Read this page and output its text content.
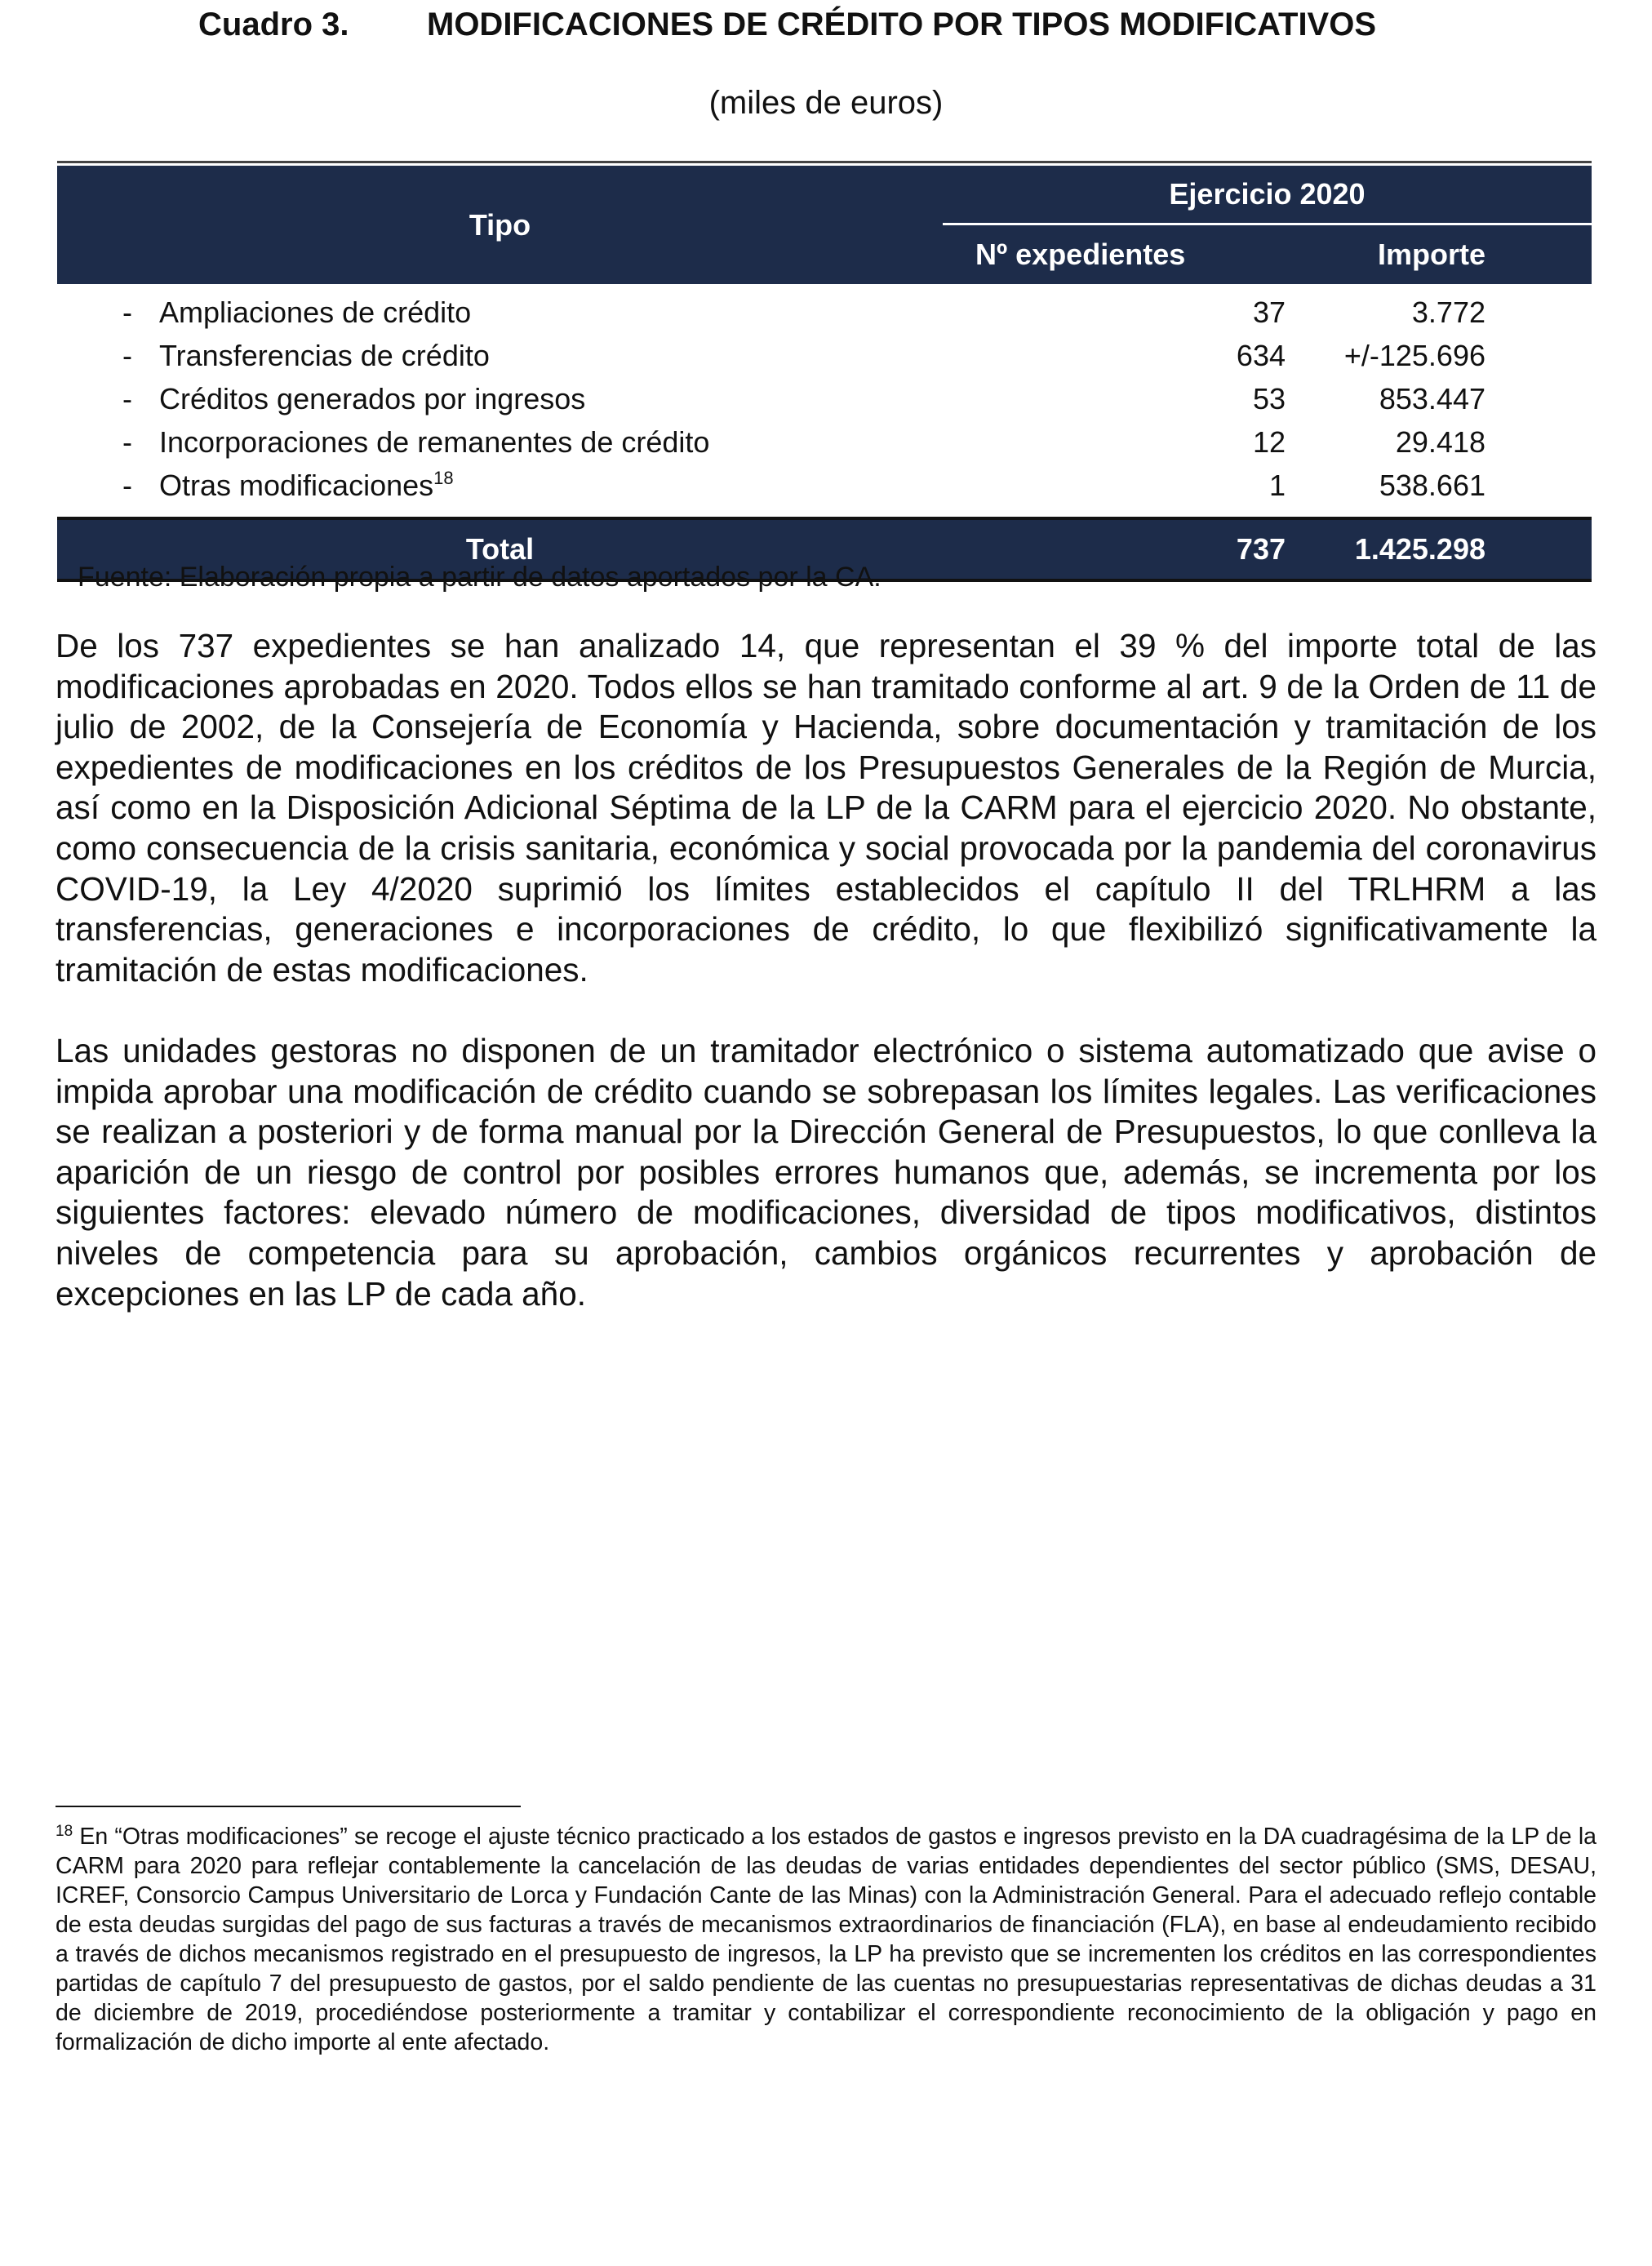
Cuadro 3. MODIFICACIONES DE CRÉDITO POR TIPOS MODIFICATIVOS
(miles de euros)
Tipo	Ejercicio 2020	
	Nº expedientes	Importe

- Ampliaciones de crédito	37	3.772
- Transferencias de crédito	634	+/-125.696
- Créditos generados por ingresos	53	853.447
- Incorporaciones de remanentes de crédito	12	29.418
- Otras modificaciones$^{18}$	1	538.661

Total	737	1.425.298
Fuente: Elaboración propia a partir de datos aportados por la CA.
De los 737 expedientes se han analizado 14, que representan el 39 % del importe total de las modificaciones aprobadas en 2020. Todos ellos se han tramitado conforme al art. 9 de la Orden de 11 de julio de 2002, de la Consejería de Economía y Hacienda, sobre documentación y tramitación de los expedientes de modificaciones en los créditos de los Presupuestos Generales de la Región de Murcia, así como en la Disposición Adicional Séptima de la LP de la CARM para el ejercicio 2020. No obstante, como consecuencia de la crisis sanitaria, económica y social provocada por la pandemia del coronavirus COVID-19, la Ley 4/2020 suprimió los límites establecidos el capítulo II del TRLHRM a las transferencias, generaciones e incorporaciones de crédito, lo que flexibilizó significativamente la tramitación de estas modificaciones.
Las unidades gestoras no disponen de un tramitador electrónico o sistema automatizado que avise o impida aprobar una modificación de crédito cuando se sobrepasan los límites legales. Las verificaciones se realizan a posteriori y de forma manual por la Dirección General de Presupuestos, lo que conlleva la aparición de un riesgo de control por posibles errores humanos que, además, se incrementa por los siguientes factores: elevado número de modificaciones, diversidad de tipos modificativos, distintos niveles de competencia para su aprobación, cambios orgánicos recurrentes y aprobación de excepciones en las LP de cada año.
$^{18}$ En “Otras modificaciones” se recoge el ajuste técnico practicado a los estados de gastos e ingresos previsto en la DA cuadragésima de la LP de la CARM para 2020 para reflejar contablemente la cancelación de las deudas de varias entidades dependientes del sector público (SMS, DESAU, ICREF, Consorcio Campus Universitario de Lorca y Fundación Cante de las Minas) con la Administración General. Para el adecuado reflejo contable de esta deudas surgidas del pago de sus facturas a través de mecanismos extraordinarios de financiación (FLA), en base al endeudamiento recibido a través de dichos mecanismos registrado en el presupuesto de ingresos, la LP ha previsto que se incrementen los créditos en las correspondientes partidas de capítulo 7 del presupuesto de gastos, por el saldo pendiente de las cuentas no presupuestarias representativas de dichas deudas a 31 de diciembre de 2019, procediéndose posteriormente a tramitar y contabilizar el correspondiente reconocimiento de la obligación y pago en formalización de dicho importe al ente afectado.
